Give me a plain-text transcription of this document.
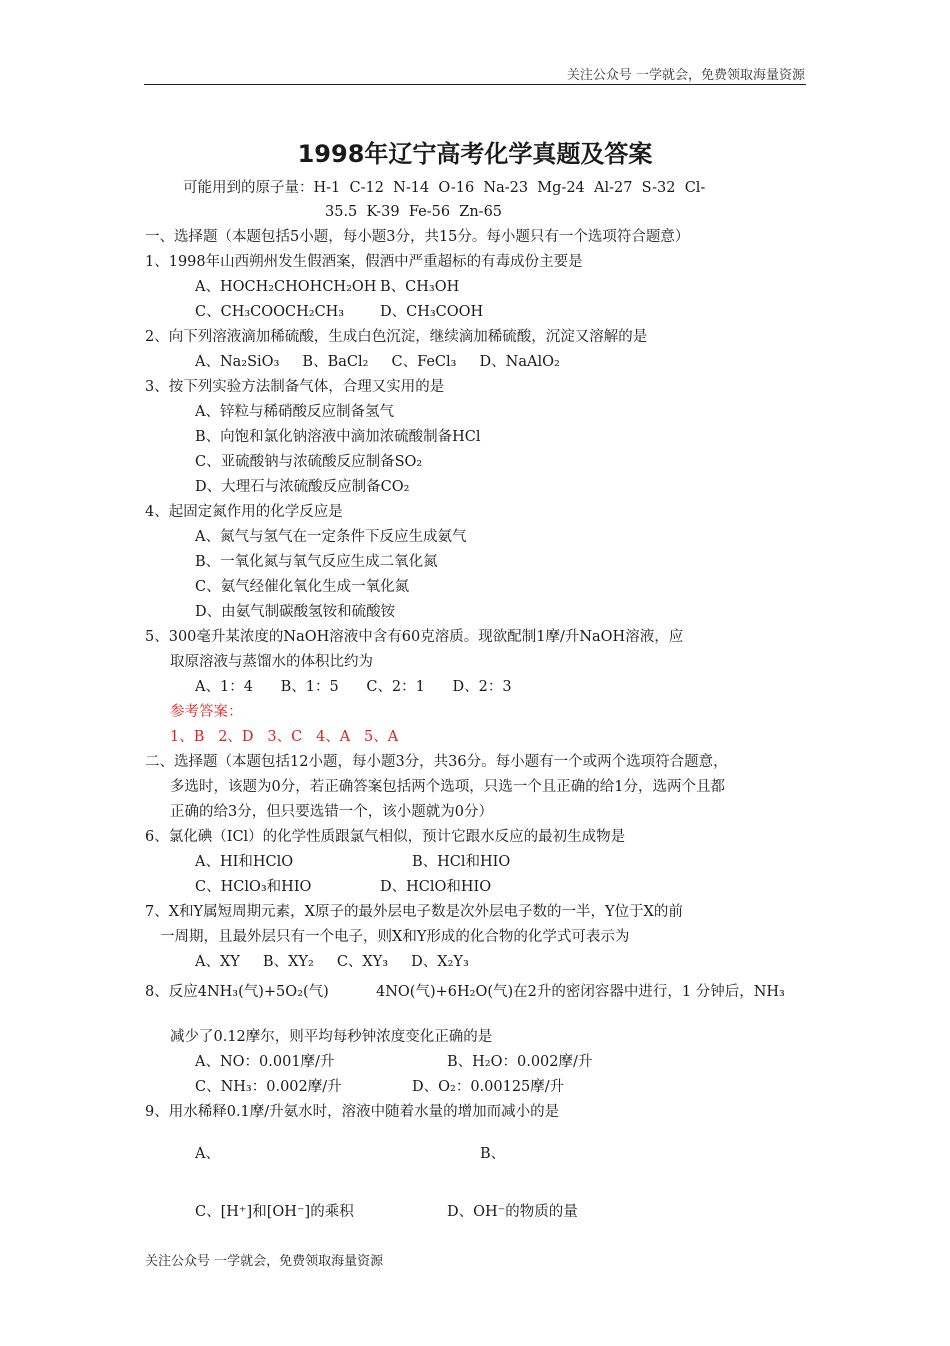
关注公众号 一学就会，免费领取海量资源
1998年辽宁高考化学真题及答案
可能用到的原子量：H-1  C-12  N-14  O-16  Na-23  Mg-24  Al-27  S-32  Cl-
35.5  K-39  Fe-56  Zn-65
一、选择题（本题包括5小题，每小题3分，共15分。每小题只有一个选项符合题意）
1、1998年山西朔州发生假酒案，假酒中严重超标的有毒成份主要是
A、HOCH₂CHOHCH₂OH B、CH₃OH
C、CH₃COOCH₂CH₃ D、CH₃COOH
2、向下列溶液滴加稀硫酸，生成白色沉淀，继续滴加稀硫酸，沉淀又溶解的是
A、Na₂SiO₃     B、BaCl₂     C、FeCl₃     D、NaAlO₂
3、按下列实验方法制备气体，合理又实用的是
A、锌粒与稀硝酸反应制备氢气
B、向饱和氯化钠溶液中滴加浓硫酸制备HCl
C、亚硫酸钠与浓硫酸反应制备SO₂
D、大理石与浓硫酸反应制备CO₂
4、起固定氮作用的化学反应是
A、氮气与氢气在一定条件下反应生成氨气
B、一氧化氮与氧气反应生成二氧化氮
C、氨气经催化氧化生成一氧化氮
D、由氨气制碳酸氢铵和硫酸铵
5、300毫升某浓度的NaOH溶液中含有60克溶质。现欲配制1摩/升NaOH溶液，应
取原溶液与蒸馏水的体积比约为
A、1：4      B、1：5      C、2：1      D、2：3
参考答案：
1、B   2、D   3、C   4、A   5、A
二、选择题（本题包括12小题，每小题3分，共36分。每小题有一个或两个选项符合题意，
多选时，该题为0分，若正确答案包括两个选项，只选一个且正确的给1分，选两个且都
正确的给3分，但只要选错一个，该小题就为0分）
6、氯化碘（ICl）的化学性质跟氯气相似，预计它跟水反应的最初生成物是
A、HI和HClO	B、HCl和HIO
C、HClO₃和HIO	D、HClO和HIO
7、X和Y属短周期元素，X原子的最外层电子数是次外层电子数的一半，Y位于X的前
一周期，且最外层只有一个电子，则X和Y形成的化合物的化学式可表示为
A、XY     B、XY₂     C、XY₃     D、X₂Y₃
8、反应4NH₃(气)+5O₂(气)	4NO(气)+6H₂O(气)在2升的密闭容器中进行，1 分钟后，NH₃
减少了0.12摩尔，则平均每秒钟浓度变化正确的是
A、NO：0.001摩/升	B、H₂O：0.002摩/升
C、NH₃：0.002摩/升	D、O₂：0.00125摩/升
9、用水稀释0.1摩/升氨水时，溶液中随着水量的增加而减小的是
A、	B、
C、[H⁺]和[OH⁻]的乘积	D、OH⁻的物质的量
关注公众号 一学就会，免费领取海量资源
